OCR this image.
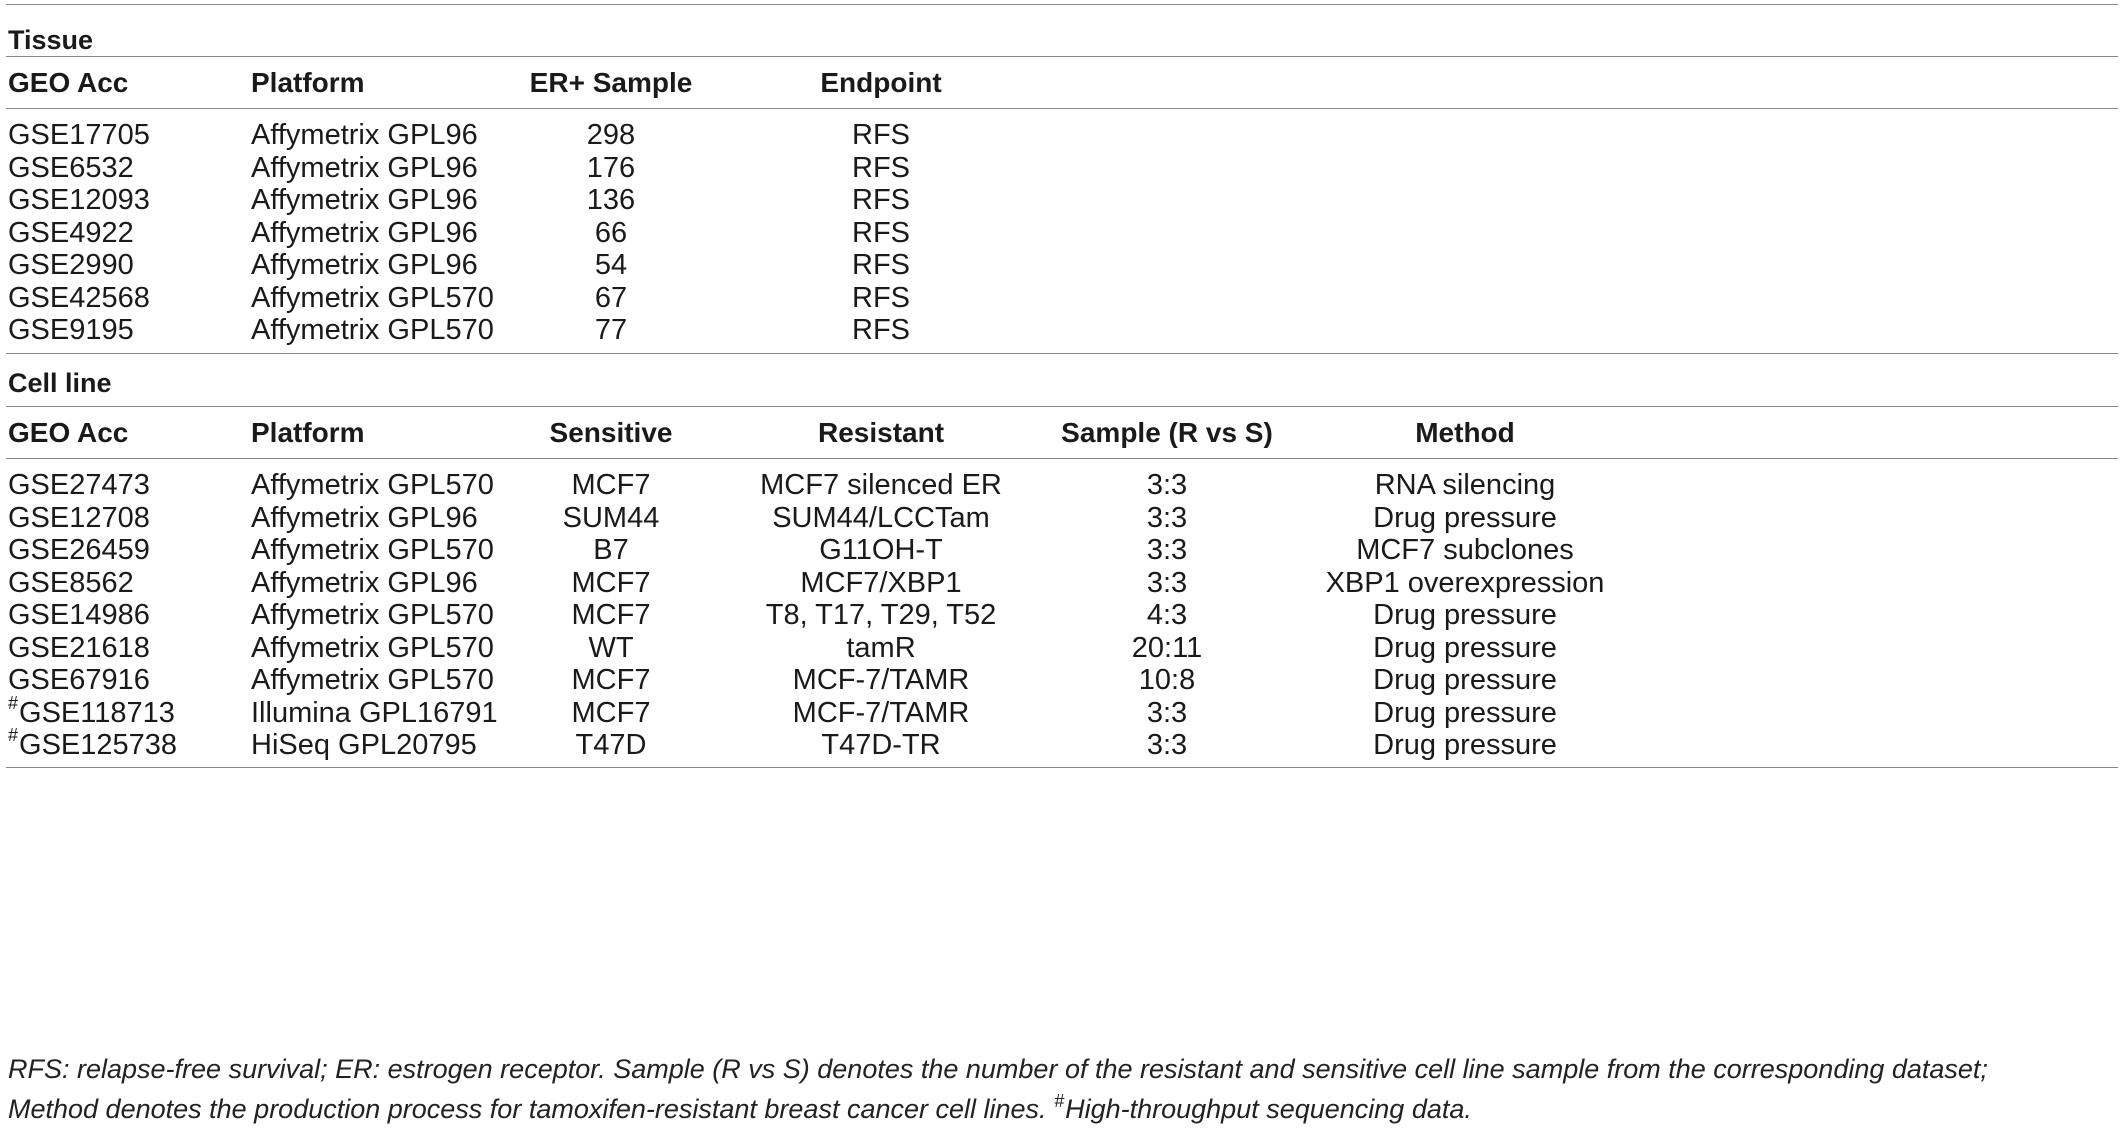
Tissue
GEO Acc	Platform	ER+ Sample	Endpoint
GSE17705	Affymetrix GPL96	298	RFS
GSE6532	Affymetrix GPL96	176	RFS
GSE12093	Affymetrix GPL96	136	RFS
GSE4922	Affymetrix GPL96	66	RFS
GSE2990	Affymetrix GPL96	54	RFS
GSE42568	Affymetrix GPL570	67	RFS
GSE9195	Affymetrix GPL570	77	RFS
Cell line
GEO Acc	Platform	Sensitive	Resistant	Sample (R vs S)	Method
GSE27473	Affymetrix GPL570	MCF7	MCF7 silenced ER	3:3	RNA silencing
GSE12708	Affymetrix GPL96	SUM44	SUM44/LCCTam	3:3	Drug pressure
GSE26459	Affymetrix GPL570	B7	G11OH-T	3:3	MCF7 subclones
GSE8562	Affymetrix GPL96	MCF7	MCF7/XBP1	3:3	XBP1 overexpression
GSE14986	Affymetrix GPL570	MCF7	T8, T17, T29, T52	4:3	Drug pressure
GSE21618	Affymetrix GPL570	WT	tamR	20:11	Drug pressure
GSE67916	Affymetrix GPL570	MCF7	MCF-7/TAMR	10:8	Drug pressure
#GSE118713	Illumina GPL16791	MCF7	MCF-7/TAMR	3:3	Drug pressure
#GSE125738	HiSeq GPL20795	T47D	T47D-TR	3:3	Drug pressure
RFS: relapse-free survival; ER: estrogen receptor. Sample (R vs S) denotes the number of the resistant and sensitive cell line sample from the corresponding dataset;
Method denotes the production process for tamoxifen-resistant breast cancer cell lines. #High-throughput sequencing data.
